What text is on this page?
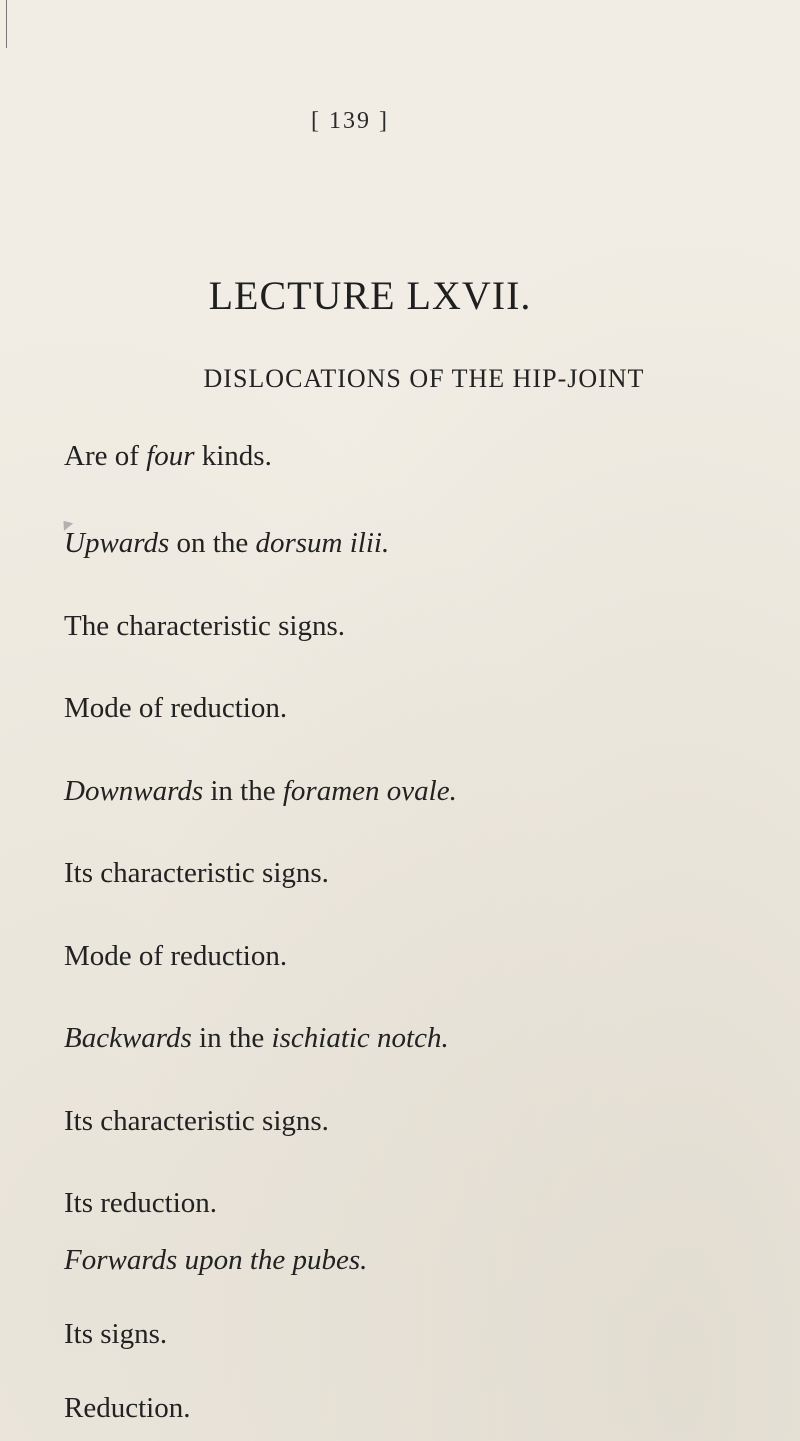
[ 139 ]
LECTURE LXVII.
DISLOCATIONS OF THE HIP-JOINT
Are of four kinds.
Upwards on the dorsum ilii.
The characteristic signs.
Mode of reduction.
Downwards in the foramen ovale.
Its characteristic signs.
Mode of reduction.
Backwards in the ischiatic notch.
Its characteristic signs.
Its reduction.
Forwards upon the pubes.
Its signs.
Reduction.
